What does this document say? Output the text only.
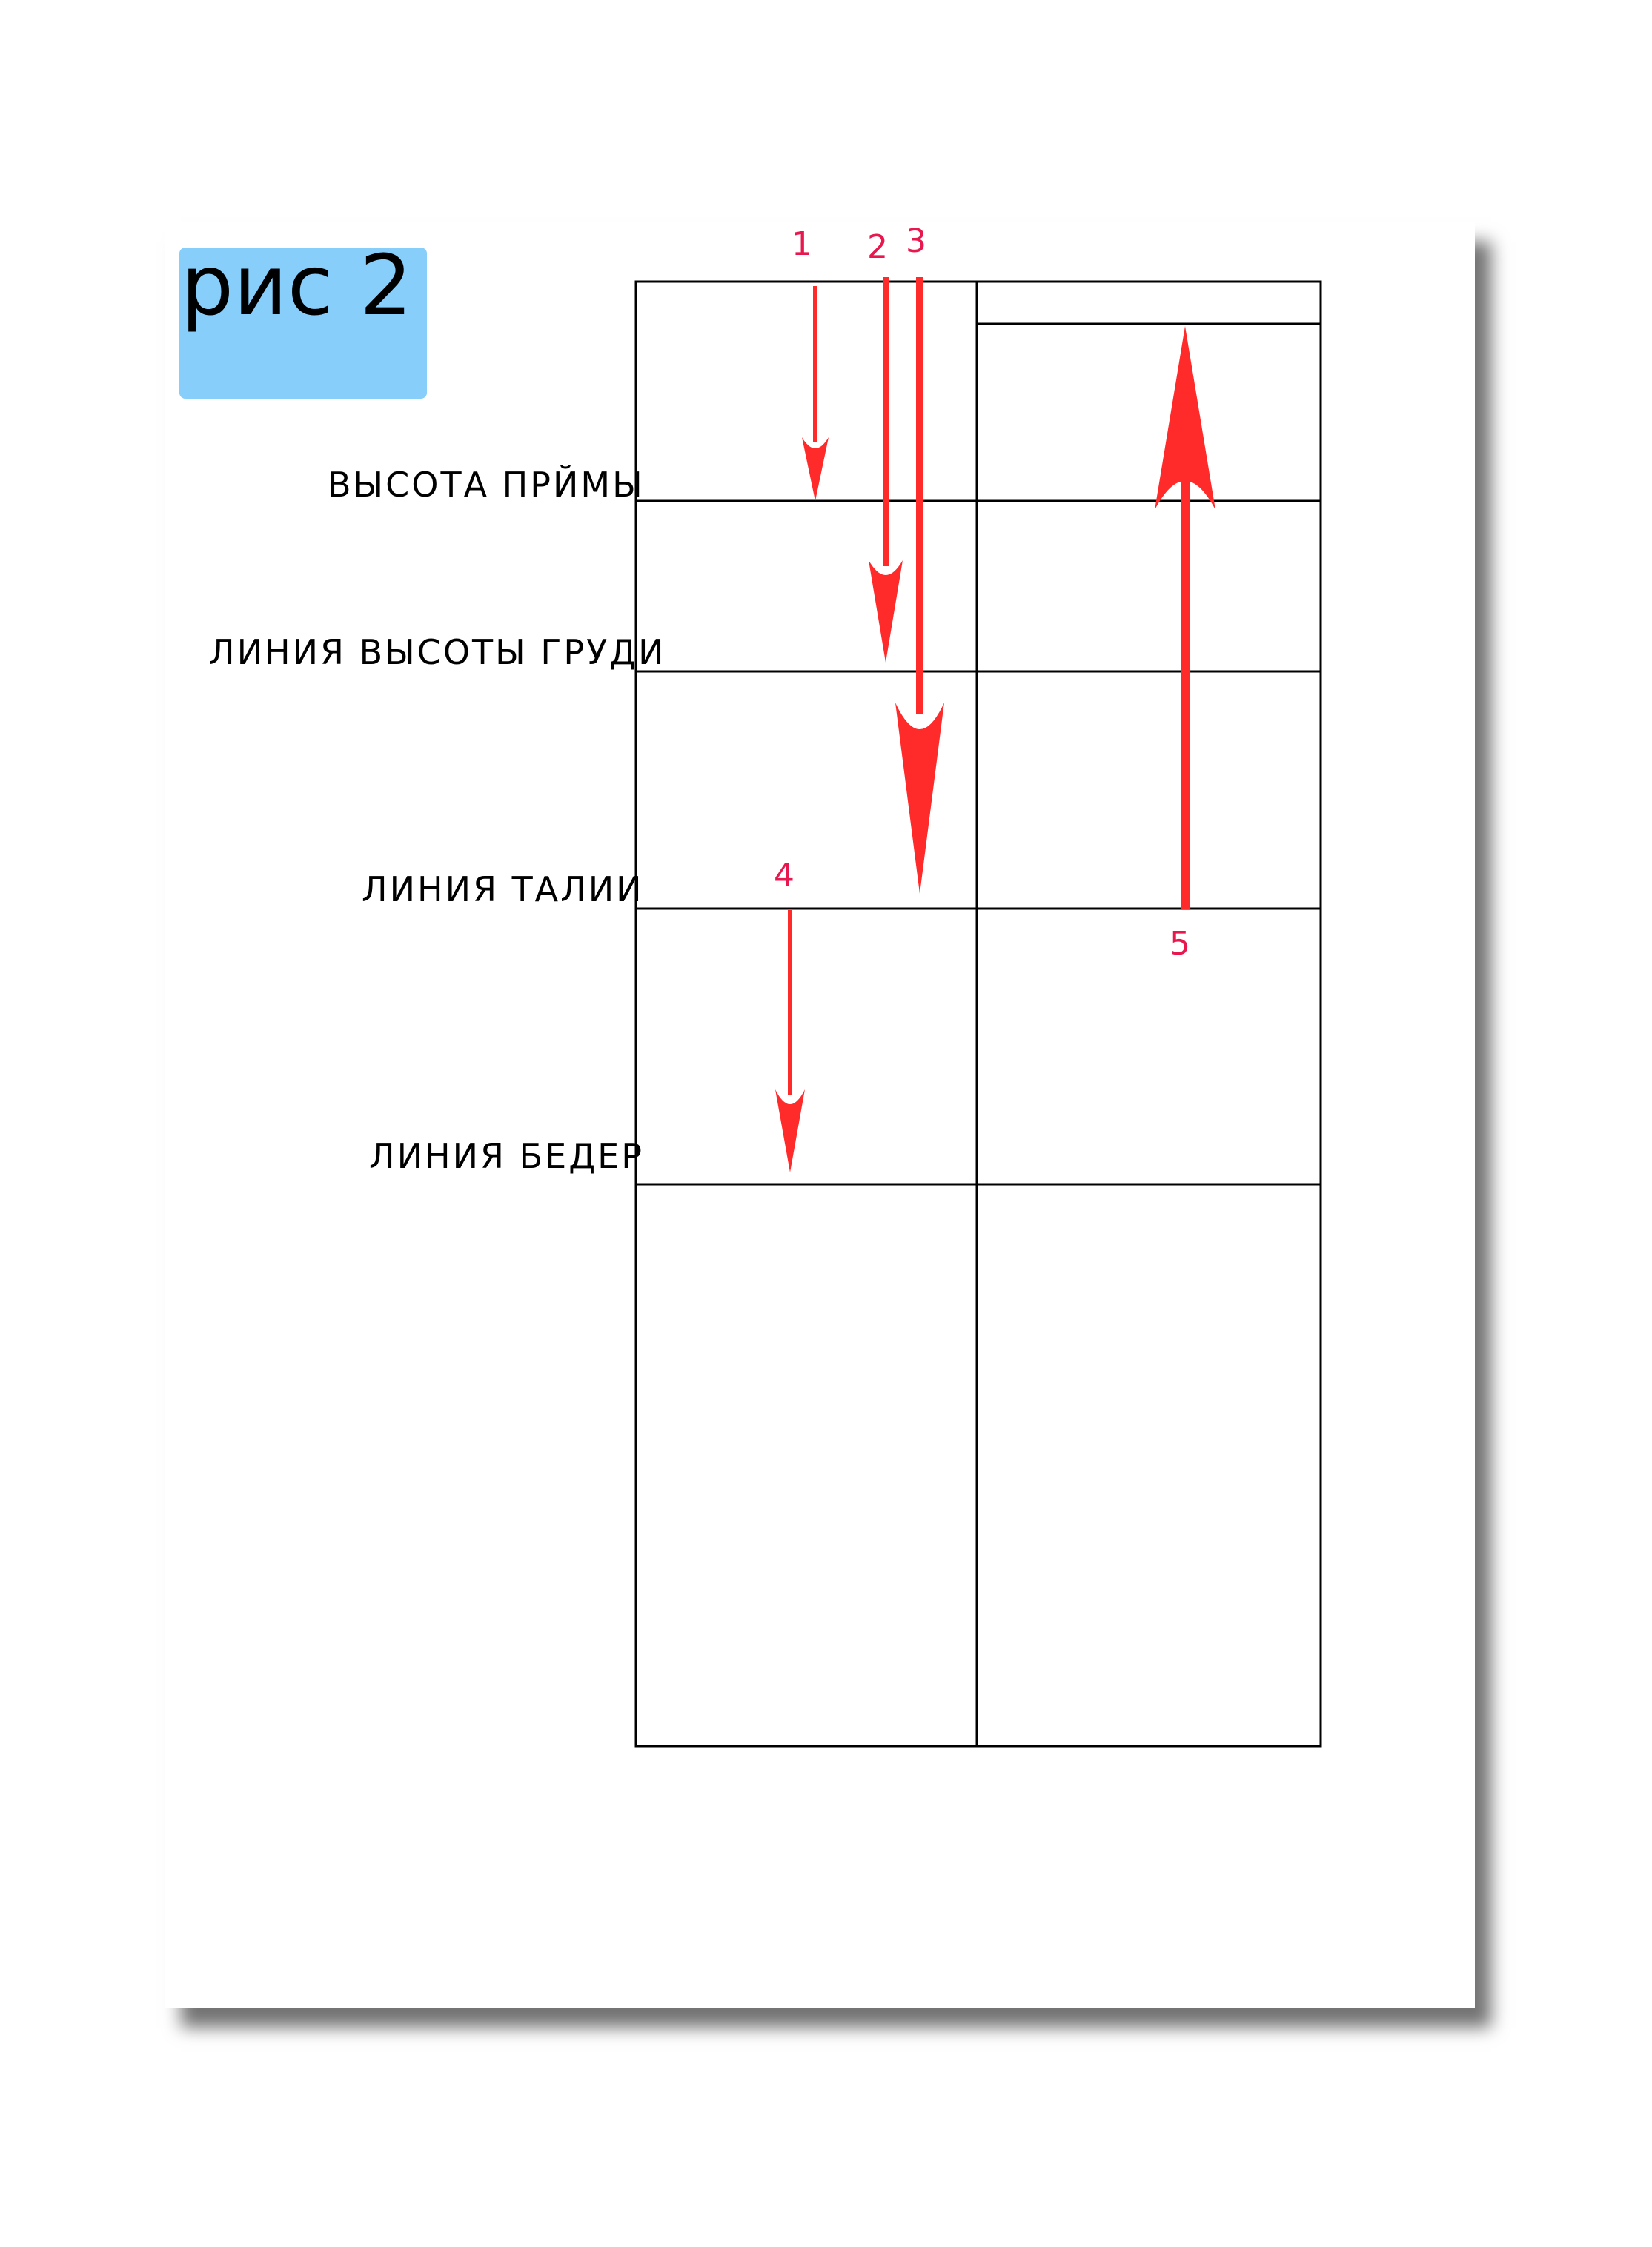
рис 2
ВЫСОТА ПРЙМЫ
ЛИНИЯ ВЫСОТЫ ГРУДИ
ЛИНИЯ ТАЛИИ
ЛИНИЯ БЕДЕР
1 2 3
4
5
